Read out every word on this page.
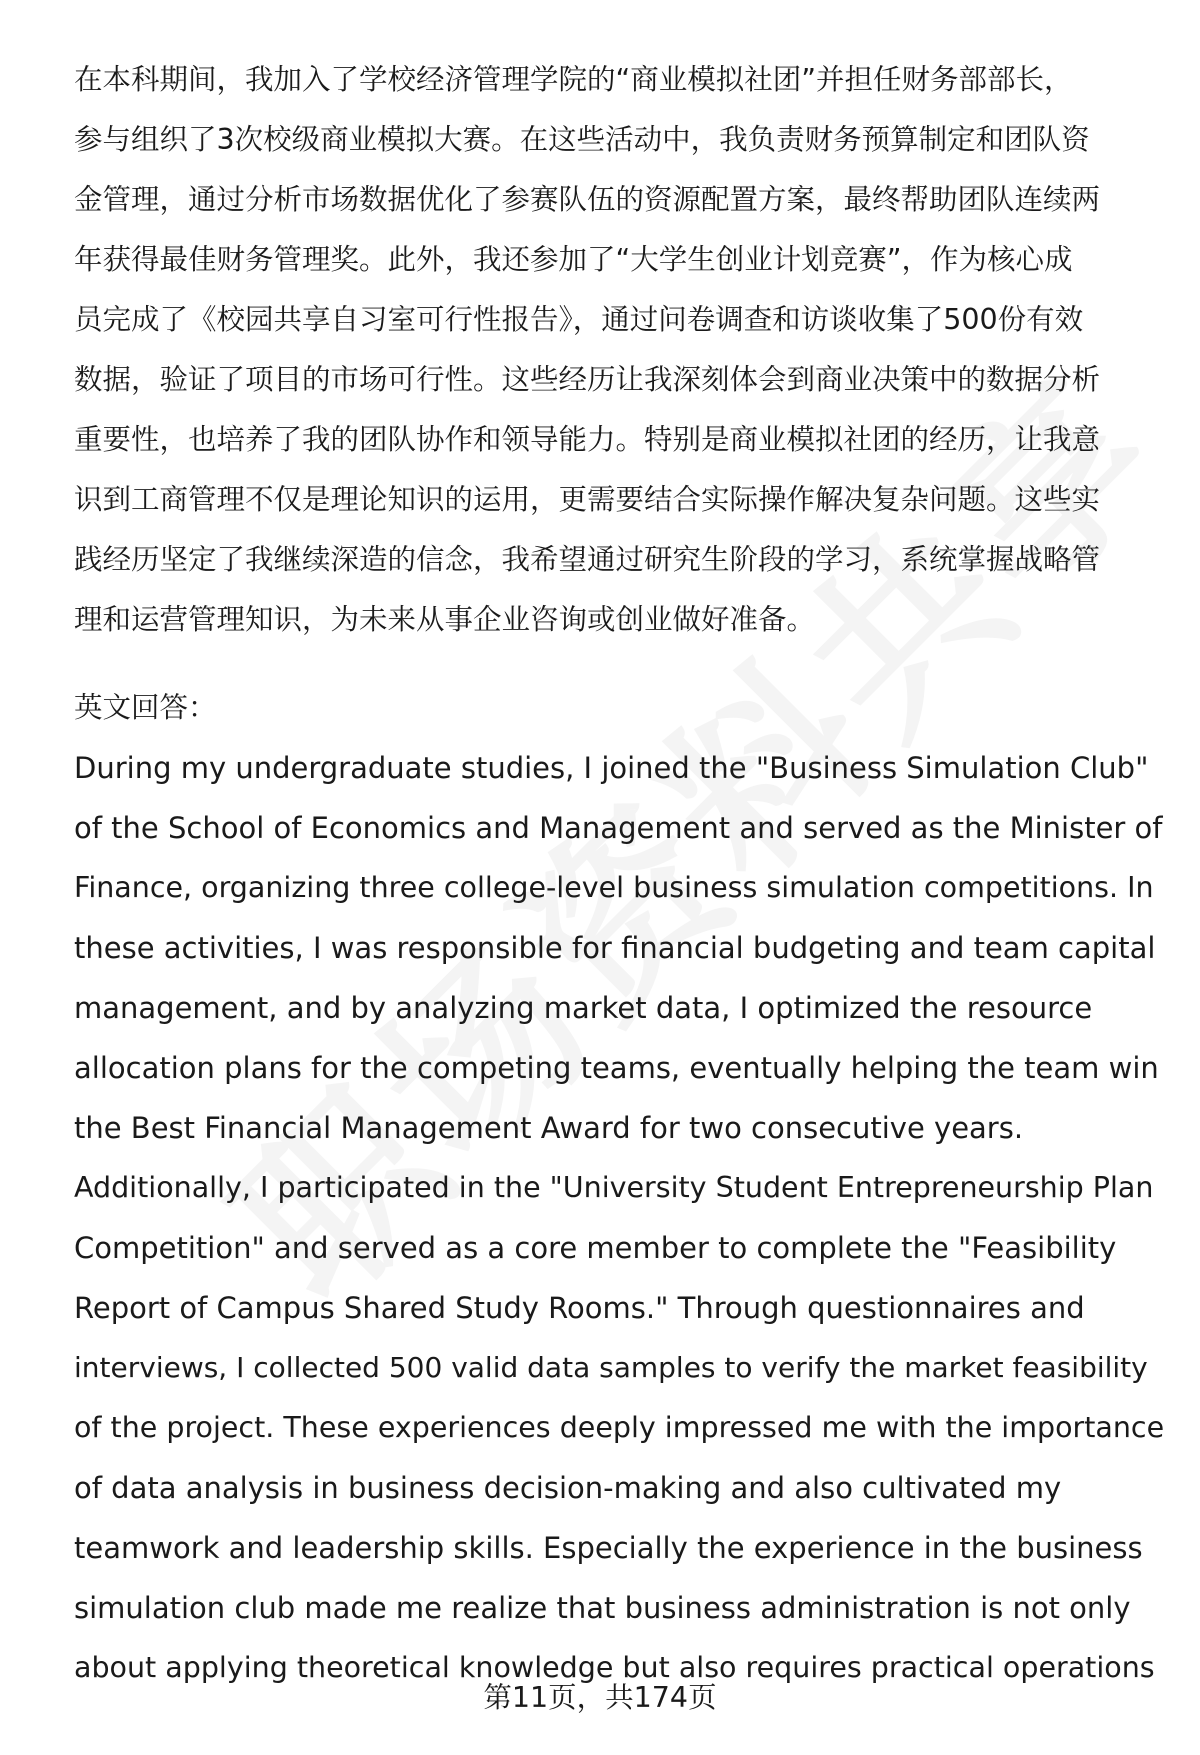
在本科期间，我加入了学校经济管理学院的“商业模拟社团”并担任财务部部长，
参与组织了3次校级商业模拟大赛。在这些活动中，我负责财务预算制定和团队资
金管理，通过分析市场数据优化了参赛队伍的资源配置方案，最终帮助团队连续两
年获得最佳财务管理奖。此外，我还参加了“大学生创业计划竞赛”，作为核心成
员完成了《校园共享自习室可行性报告》，通过问卷调查和访谈收集了500份有效
数据，验证了项目的市场可行性。这些经历让我深刻体会到商业决策中的数据分析
重要性，也培养了我的团队协作和领导能力。特别是商业模拟社团的经历，让我意
识到工商管理不仅是理论知识的运用，更需要结合实际操作解决复杂问题。这些实
践经历坚定了我继续深造的信念，我希望通过研究生阶段的学习，系统掌握战略管
理和运营管理知识，为未来从事企业咨询或创业做好准备。
英文回答：
During my undergraduate studies, I joined the "Business Simulation Club"
of the School of Economics and Management and served as the Minister of
Finance, organizing three college-level business simulation competitions. In
these activities, I was responsible for financial budgeting and team capital
management, and by analyzing market data, I optimized the resource
allocation plans for the competing teams, eventually helping the team win
the Best Financial Management Award for two consecutive years.
Additionally, I participated in the "University Student Entrepreneurship Plan
Competition" and served as a core member to complete the "Feasibility
Report of Campus Shared Study Rooms." Through questionnaires and
interviews, I collected 500 valid data samples to verify the market feasibility
of the project. These experiences deeply impressed me with the importance
of data analysis in business decision-making and also cultivated my
teamwork and leadership skills. Especially the experience in the business
simulation club made me realize that business administration is not only
about applying theoretical knowledge but also requires practical operations
第11页，共174页
